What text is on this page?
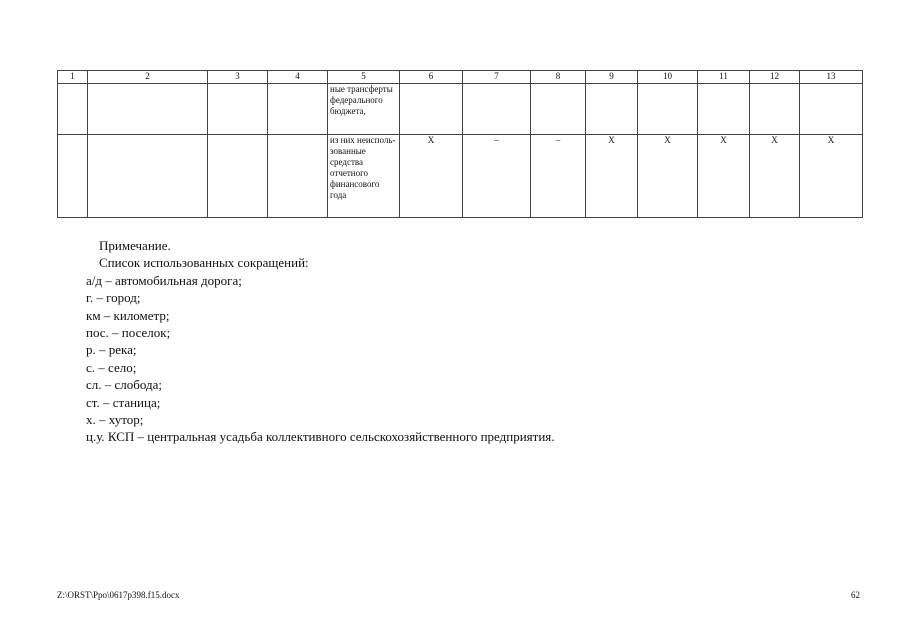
1	2	3	4	5	6	7	8	9	10	11	12	13
				ные трансферты федерального бюджета,								
				из них неиспользованные средства отчетного финансового года	X	–	–	X	X	X	X	X
Примечание.
Список использованных сокращений:
а/д – автомобильная дорога;
г. – город;
км – километр;
пос. – поселок;
р. – река;
с. – село;
сл. – слобода;
ст. – станица;
х. – хутор;
ц.у. КСП – центральная усадьба коллективного сельскохозяйственного предприятия.
Z:\ORST\Ppo\0617p398.f15.docx	62
